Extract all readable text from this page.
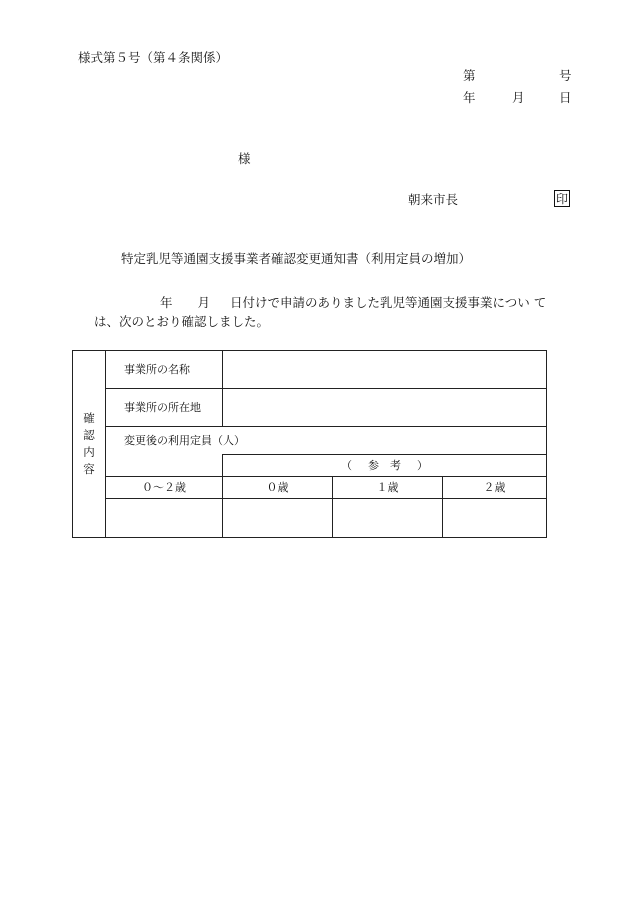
様式第５号（第４条関係）
第	号
年	月	日
様
朝来市長	印
特定乳児等通園支援事業者確認変更通知書（利用定員の増加）
年 月 日付けで申請のありました乳児等通園支援事業につい て
は、次のとおり確認しました。
確
認
内
容	事業所の名称			
	事業所の所在地			
	変更後の利用定員（人）			
		（ 参　考 ）		
	０～２歳	０歳	１歳	２歳
